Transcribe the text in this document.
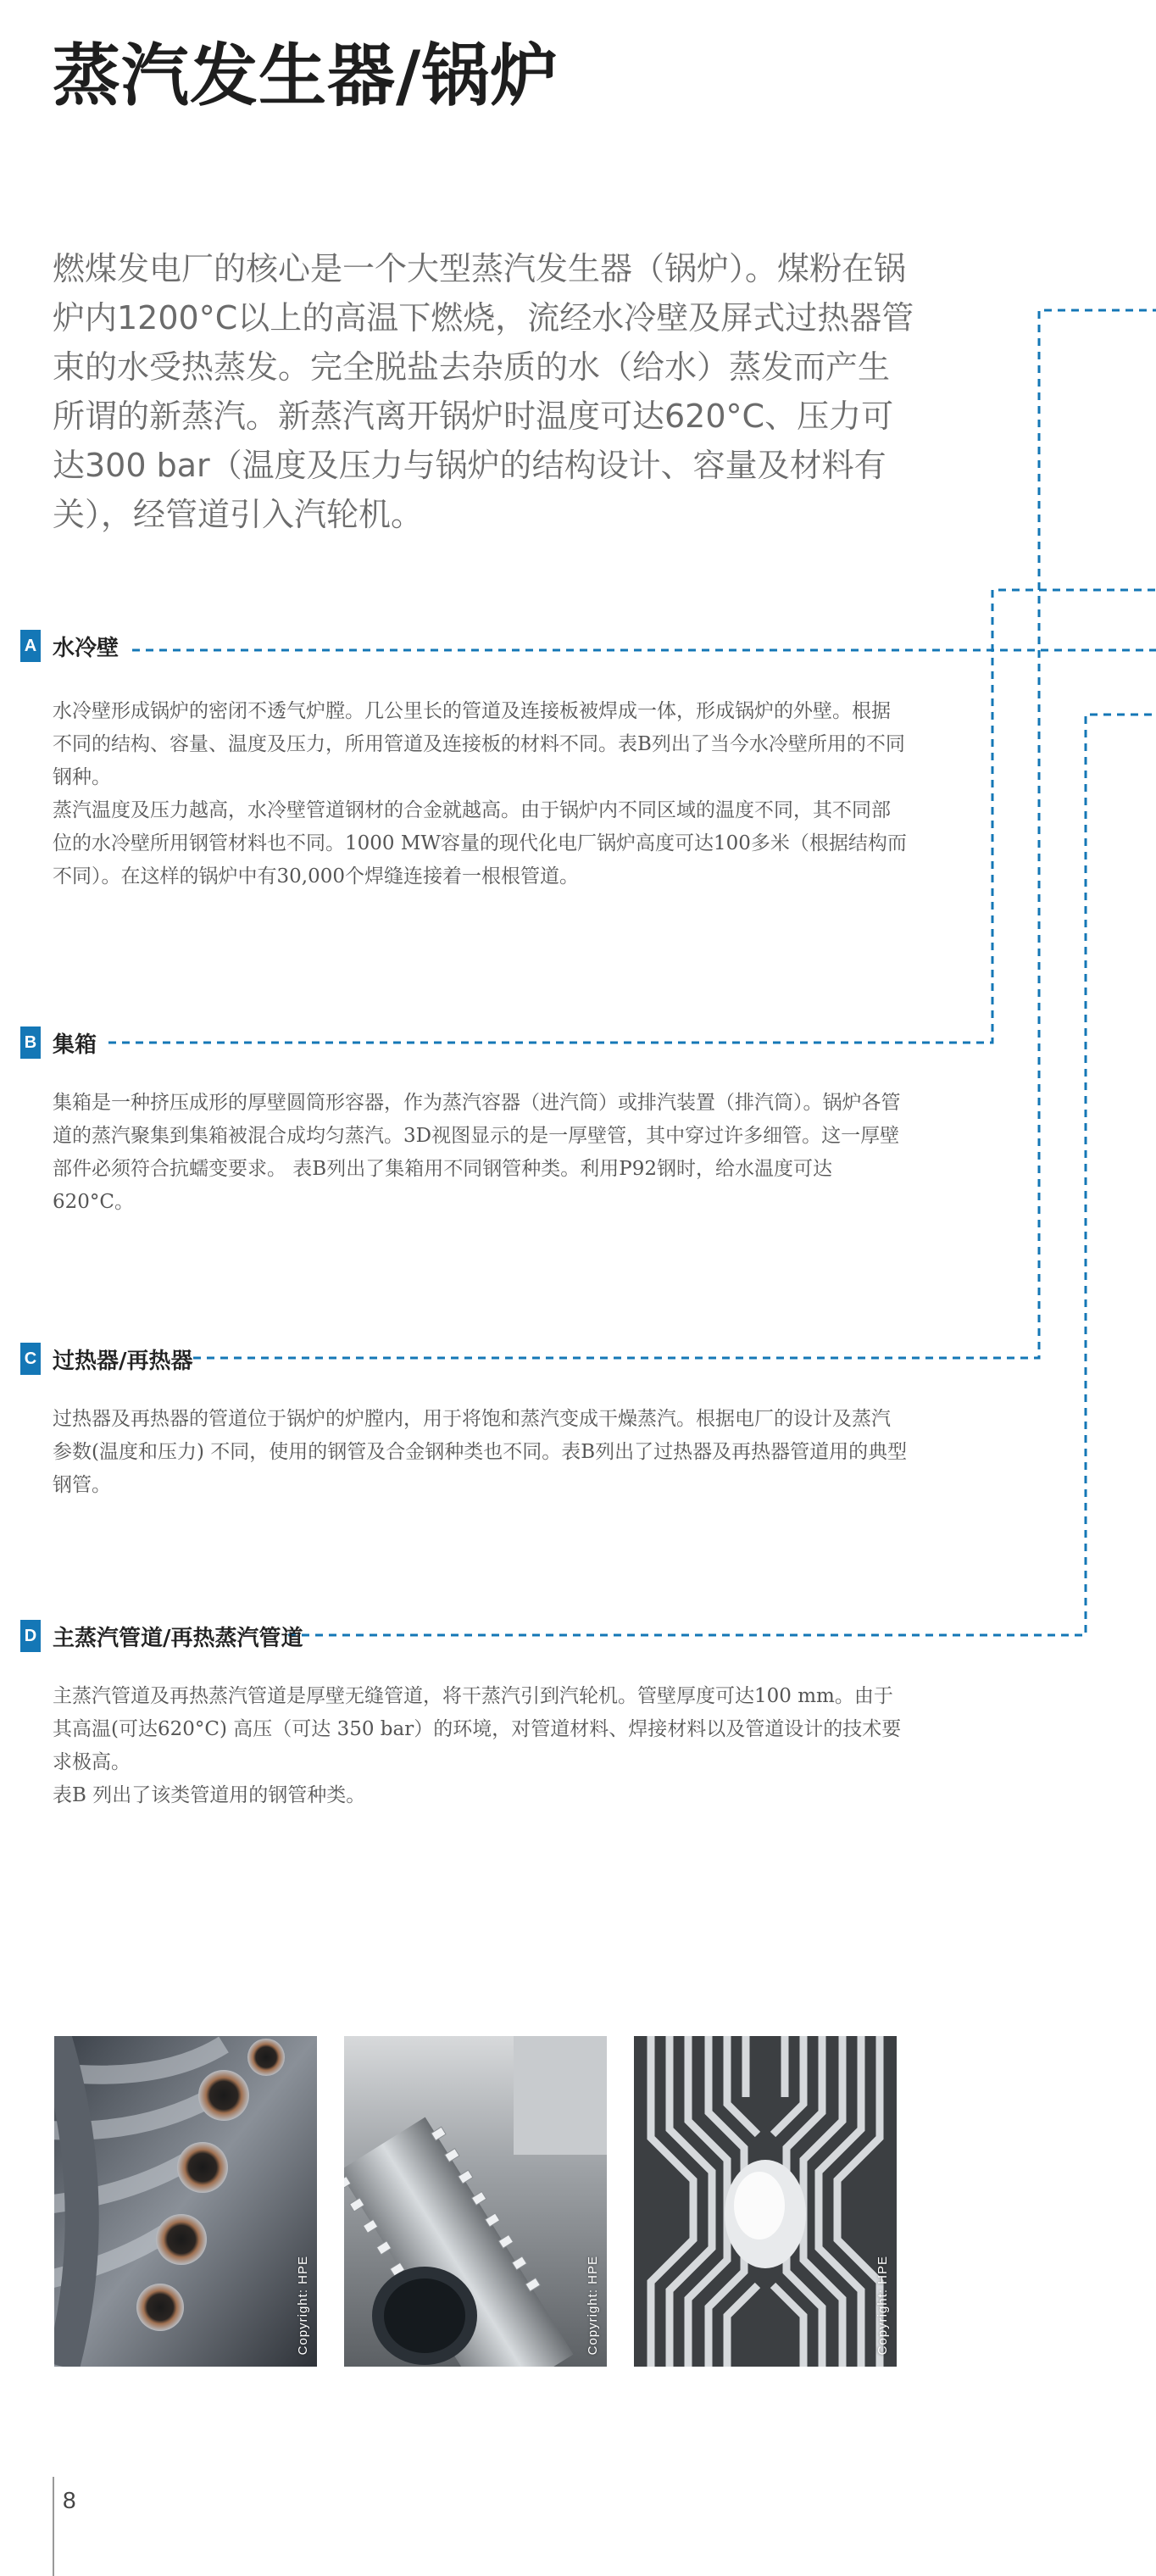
蒸汽发生器/锅炉

燃煤发电厂的核心是一个大型蒸汽发生器（锅炉）。煤粉在锅炉内1200°C以上的高温下燃烧，流经水冷壁及屏式过热器管束的水受热蒸发。完全脱盐去杂质的水（给水）蒸发而产生所谓的新蒸汽。新蒸汽离开锅炉时温度可达620°C、压力可达300 bar（温度及压力与锅炉的结构设计、容量及材料有关），经管道引入汽轮机。

A 水冷壁

水冷壁形成锅炉的密闭不透气炉膛。几公里长的管道及连接板被焊成一体，形成锅炉的外壁。根据不同的结构、容量、温度及压力，所用管道及连接板的材料不同。表B列出了当今水冷壁所用的不同钢种。

蒸汽温度及压力越高，水冷壁管道钢材的合金就越高。由于锅炉内不同区域的温度不同，其不同部位的水冷壁所用钢管材料也不同。1000 MW容量的现代化电厂锅炉高度可达100多米（根据结构而不同）。在这样的锅炉中有30,000个焊缝连接着一根根管道。

B 集箱

集箱是一种挤压成形的厚壁圆筒形容器，作为蒸汽容器（进汽筒）或排汽装置（排汽筒）。锅炉各管道的蒸汽聚集到集箱被混合成均匀蒸汽。3D视图显示的是一厚壁管，其中穿过许多细管。这一厚壁部件必须符合抗蠕变要求。 表B列出了集箱用不同钢管种类。利用P92钢时，给水温度可达620°C。

C 过热器/再热器

过热器及再热器的管道位于锅炉的炉膛内，用于将饱和蒸汽变成干燥蒸汽。根据电厂的设计及蒸汽参数(温度和压力) 不同，使用的钢管及合金钢种类也不同。表B列出了过热器及再热器管道用的典型钢管。

D 主蒸汽管道/再热蒸汽管道

主蒸汽管道及再热蒸汽管道是厚壁无缝管道，将干蒸汽引到汽轮机。管壁厚度可达100 mm。由于其高温(可达620°C) 高压（可达 350 bar）的环境，对管道材料、焊接材料以及管道设计的技术要求极高。

表B 列出了该类管道用的钢管种类。

Copyright: HPE	Copyright: HPE	Copyright: HPE
8
